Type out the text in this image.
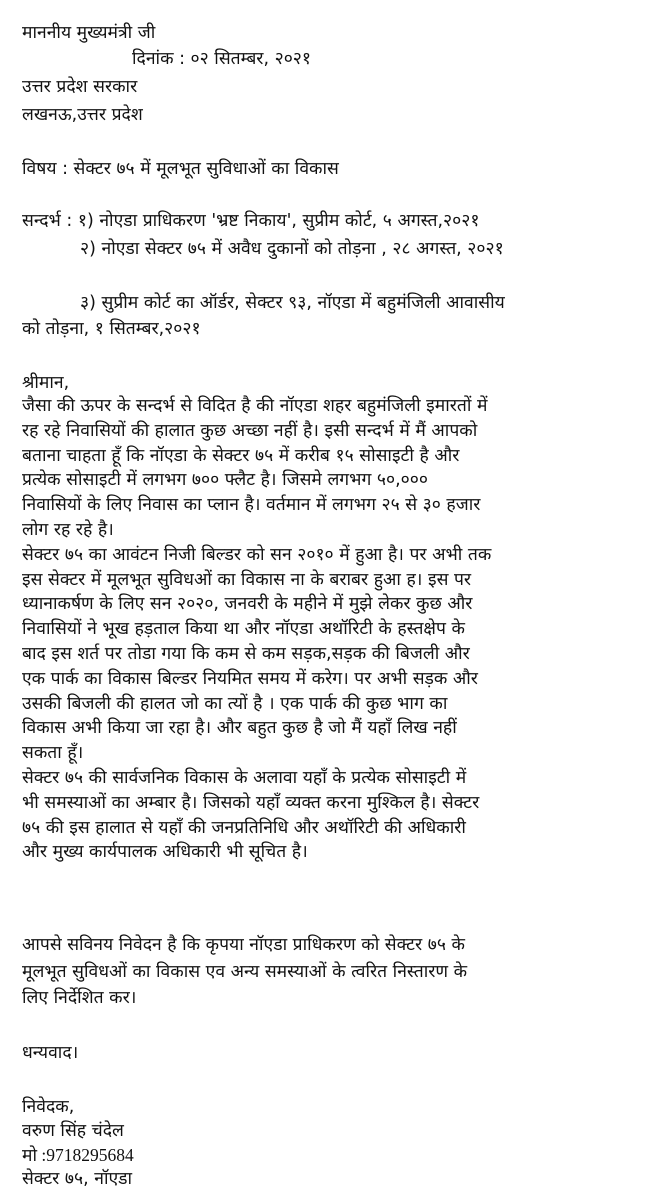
माननीय मुख्यमंत्री जी
दिनांक : ०२ सितम्बर, २०२१
उत्तर प्रदेश सरकार
लखनऊ,उत्तर प्रदेश
विषय : सेक्टर ७५ में मूलभूत सुविधाओं का विकास
सन्दर्भ : १) नोएडा प्राधिकरण 'भ्रष्ट निकाय', सुप्रीम कोर्ट, ५ अगस्त,२०२१
२) नोएडा सेक्टर ७५ में अवैध दुकानों को तोड़ना , २८ अगस्त, २०२१
३) सुप्रीम कोर्ट का ऑर्डर, सेक्टर ९३, नॉएडा में बहुमंजिली आवासीय
को तोड़ना, १ सितम्बर,२०२१
श्रीमान,
जैसा की ऊपर के सन्दर्भ से विदित है की नॉएडा शहर बहुमंजिली इमारतों में
रह रहे निवासियों की हालात कुछ अच्छा नहीं है। इसी सन्दर्भ में मैं आपको
बताना चाहता हूँ कि नॉएडा के सेक्टर ७५ में करीब १५ सोसाइटी है और
प्रत्येक सोसाइटी में लगभग ७०० फ्लैट है। जिसमे लगभग ५०,०००
निवासियों के लिए निवास का प्लान है। वर्तमान में लगभग २५ से ३० हजार
लोग रह रहे है।
सेक्टर ७५ का आवंटन निजी बिल्डर को सन २०१० में हुआ है। पर अभी तक
इस सेक्टर में मूलभूत सुविधओं का विकास ना के बराबर हुआ ह। इस पर
ध्यानाकर्षण के लिए सन २०२०, जनवरी के महीने में मुझे लेकर कुछ और
निवासियों ने भूख हड़ताल किया था और नॉएडा अथॉरिटी के हस्तक्षेप के
बाद इस शर्त पर तोडा गया कि कम से कम सड़क,सड़क की बिजली और
एक पार्क का विकास बिल्डर नियमित समय में करेग। पर अभी सड़क और
उसकी बिजली की हालत जो का त्यों है । एक पार्क की कुछ भाग का
विकास अभी किया जा रहा है। और बहुत कुछ है जो मैं यहाँ लिख नहीं
सकता हूँ।
सेक्टर ७५ की सार्वजनिक विकास के अलावा यहाँ के प्रत्येक सोसाइटी में
भी समस्याओं का अम्बार है। जिसको यहाँ व्यक्त करना मुश्किल है। सेक्टर
७५ की इस हालात से यहाँ की जनप्रतिनिधि और अथॉरिटी की अधिकारी
और मुख्य कार्यपालक अधिकारी भी सूचित है।
आपसे सविनय निवेदन है कि कृपया नॉएडा प्राधिकरण को सेक्टर ७५ के
मूलभूत सुविधओं का विकास एव अन्य समस्याओं के त्वरित निस्तारण के
लिए निर्देशित कर।
धन्यवाद।
निवेदक,
वरुण सिंह चंदेल
मो :9718295684
सेक्टर ७५, नॉएडा
